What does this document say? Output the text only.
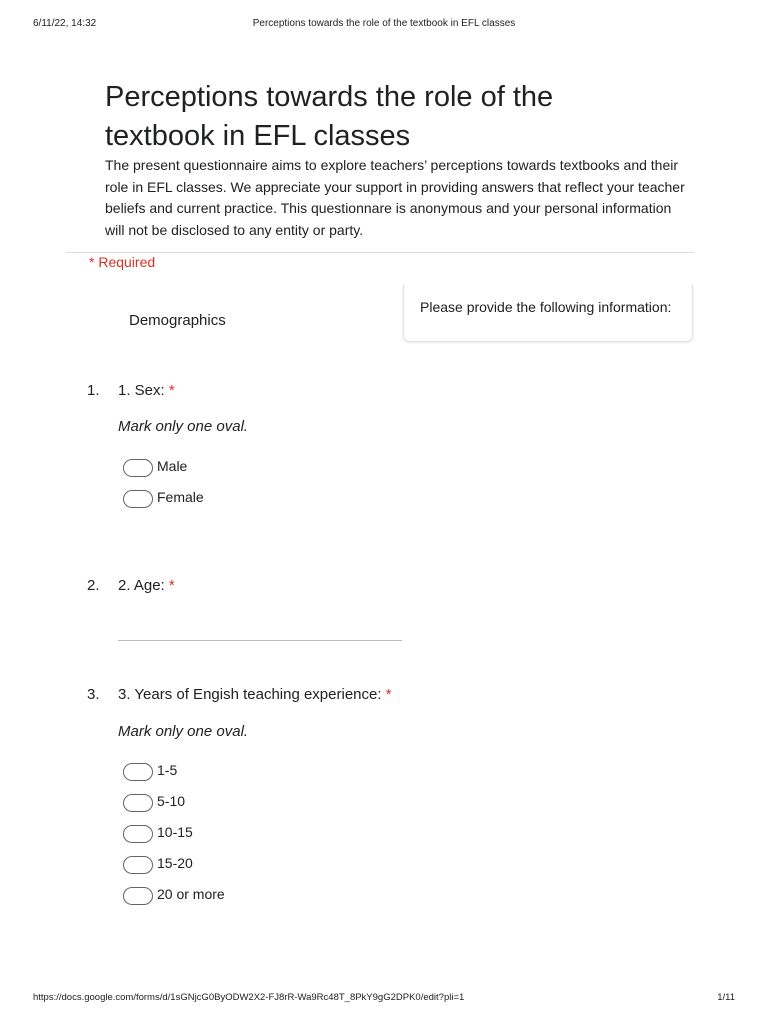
6/11/22, 14:32	Perceptions towards the role of the textbook in EFL classes
Perceptions towards the role of the textbook in EFL classes

The present questionnaire aims to explore teachers’ perceptions towards textbooks and their role in EFL classes. We appreciate your support in providing answers that reflect your teacher beliefs and current practice. This questionnare is anonymous and your personal information will not be disclosed to any entity or party.

* Required
Demographics
Please provide the following information:
1. 1. Sex: *
Mark only one oval.
Male
Female
2. 2. Age: *
3. 3. Years of Engish teaching experience: *
Mark only one oval.
1-5
5-10
10-15
15-20
20 or more
https://docs.google.com/forms/d/1sGNjcG0ByODW2X2-FJ8rR-Wa9Rc48T_8PkY9gG2DPK0/edit?pli=1	1/11
